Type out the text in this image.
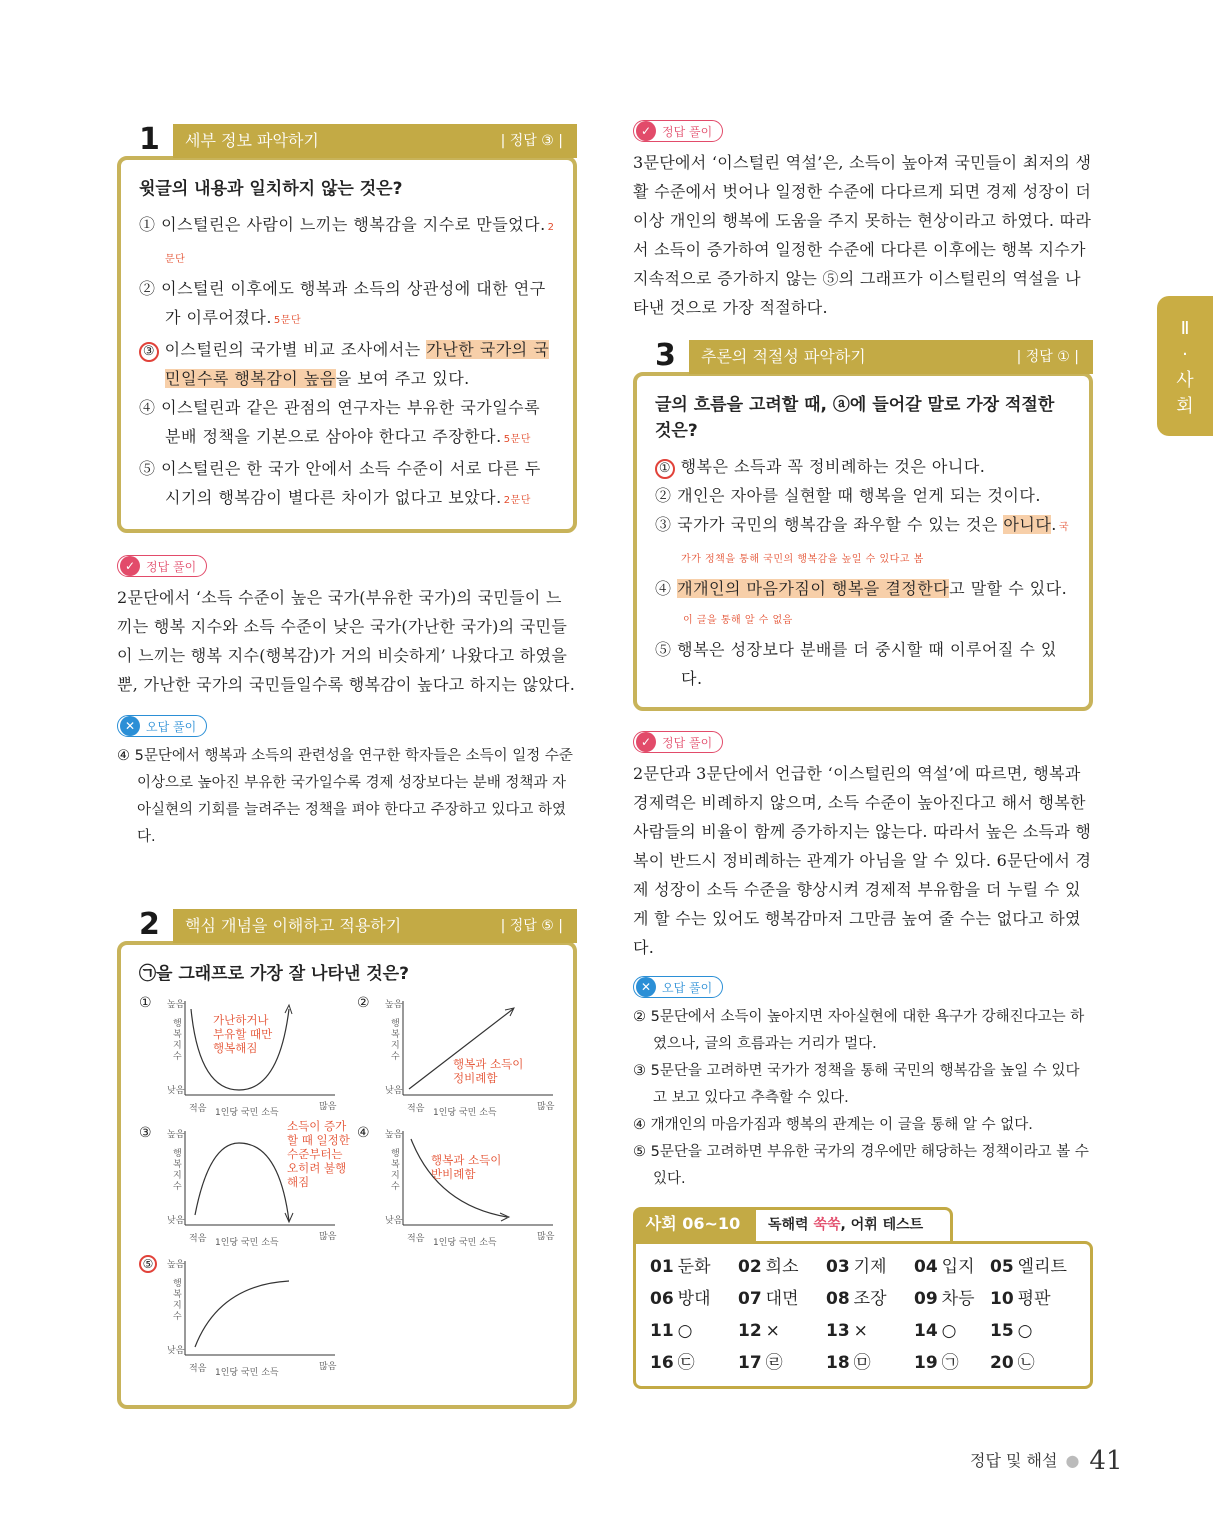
1	세부 정보 파악하기	| 정답 ③ |
윗글의 내용과 일치하지 않는 것은?
① 이스털린은 사람이 느끼는 행복감을 지수로 만들었다. 2문단
② 이스털린 이후에도 행복과 소득의 상관성에 대한 연구가 이루어졌다. 5문단
③ 이스털린의 국가별 비교 조사에서는 가난한 국가의 국민일수록 행복감이 높음을 보여 주고 있다.
④ 이스털린과 같은 관점의 연구자는 부유한 국가일수록 분배 정책을 기본으로 삼아야 한다고 주장한다. 5문단
⑤ 이스털린은 한 국가 안에서 소득 수준이 서로 다른 두 시기의 행복감이 별다른 차이가 없다고 보았다. 2문단
✓ 정답 풀이
2문단에서 ‘소득 수준이 높은 국가(부유한 국가)의 국민들이 느끼는 행복 지수와 소득 수준이 낮은 국가(가난한 국가)의 국민들이 느끼는 행복 지수(행복감)가 거의 비슷하게’ 나왔다고 하였을 뿐, 가난한 국가의 국민들일수록 행복감이 높다고 하지는 않았다.
✕ 오답 풀이
④ 5문단에서 행복과 소득의 관련성을 연구한 학자들은 소득이 일정 수준 이상으로 높아진 부유한 국가일수록 경제 성장보다는 분배 정책과 자아실현의 기회를 늘려주는 정책을 펴야 한다고 주장하고 있다고 하였다.
2	핵심 개념을 이해하고 적용하기	| 정답 ⑤ |
㉠을 그래프로 가장 잘 나타낸 것은?
① 높음
낮음
행복지수
적음 1인당 국민 소득
많음
가난하거나 부유할 때만 행복해짐
② 높음
낮음
행복지수
적음 1인당 국민 소득
많음
행복과 소득이 정비례함
③ 높음
낮음
행복지수
적음 1인당 국민 소득
많음
소득이 증가할 때 일정한 수준부터는 오히려 불행해짐
④ 높음
낮음
행복지수
적음 1인당 국민 소득
많음
행복과 소득이 반비례함
⑤	높음
낮음
행복지수
적음 1인당 국민 소득
많음
✓ 정답 풀이
3문단에서 ‘이스털린 역설’은, 소득이 높아져 국민들이 최저의 생활 수준에서 벗어나 일정한 수준에 다다르게 되면 경제 성장이 더 이상 개인의 행복에 도움을 주지 못하는 현상이라고 하였다. 따라서 소득이 증가하여 일정한 수준에 다다른 이후에는 행복 지수가 지속적으로 증가하지 않는 ⑤의 그래프가 이스털린의 역설을 나타낸 것으로 가장 적절하다.
3	추론의 적절성 파악하기	| 정답 ① |
글의 흐름을 고려할 때, ⓐ에 들어갈 말로 가장 적절한 것은?
① 행복은 소득과 꼭 정비례하는 것은 아니다.
② 개인은 자아를 실현할 때 행복을 얻게 되는 것이다.
③ 국가가 국민의 행복감을 좌우할 수 있는 것은 아니다. 국가가 정책을 통해 국민의 행복감을 높일 수 있다고 봄
④ 개개인의 마음가짐이 행복을 결정한다고 말할 수 있다.이 글을 통해 알 수 없음
⑤ 행복은 성장보다 분배를 더 중시할 때 이루어질 수 있다.
✓ 정답 풀이
2문단과 3문단에서 언급한 ‘이스털린의 역설’에 따르면, 행복과 경제력은 비례하지 않으며, 소득 수준이 높아진다고 해서 행복한 사람들의 비율이 함께 증가하지는 않는다. 따라서 높은 소득과 행복이 반드시 정비례하는 관계가 아님을 알 수 있다. 6문단에서 경제 성장이 소득 수준을 향상시켜 경제적 부유함을 더 누릴 수 있게 할 수는 있어도 행복감마저 그만큼 높여 줄 수는 없다고 하였다.
✕ 오답 풀이
② 5문단에서 소득이 높아지면 자아실현에 대한 욕구가 강해진다고는 하였으나, 글의 흐름과는 거리가 멀다.
③ 5문단을 고려하면 국가가 정책을 통해 국민의 행복감을 높일 수 있다고 보고 있다고 추측할 수 있다.
④ 개개인의 마음가짐과 행복의 관계는 이 글을 통해 알 수 없다.
⑤ 5문단을 고려하면 부유한 국가의 경우에만 해당하는 정책이라고 볼 수 있다.
사회 06~10	독해력 쑥쑥, 어휘 테스트
01 둔화	02 희소	03 기제	04 입지 05 엘리트
06 방대	07 대면	08 조장	09 차등 10 평판
11 ○	12 ×	13 ×	14 ○	15 ○
16 ㉢	17 ㉣	18 ㉤	19 ㉠	20 ㉡
Ⅱ
·
사
회
정답 및 해설 ● 41
